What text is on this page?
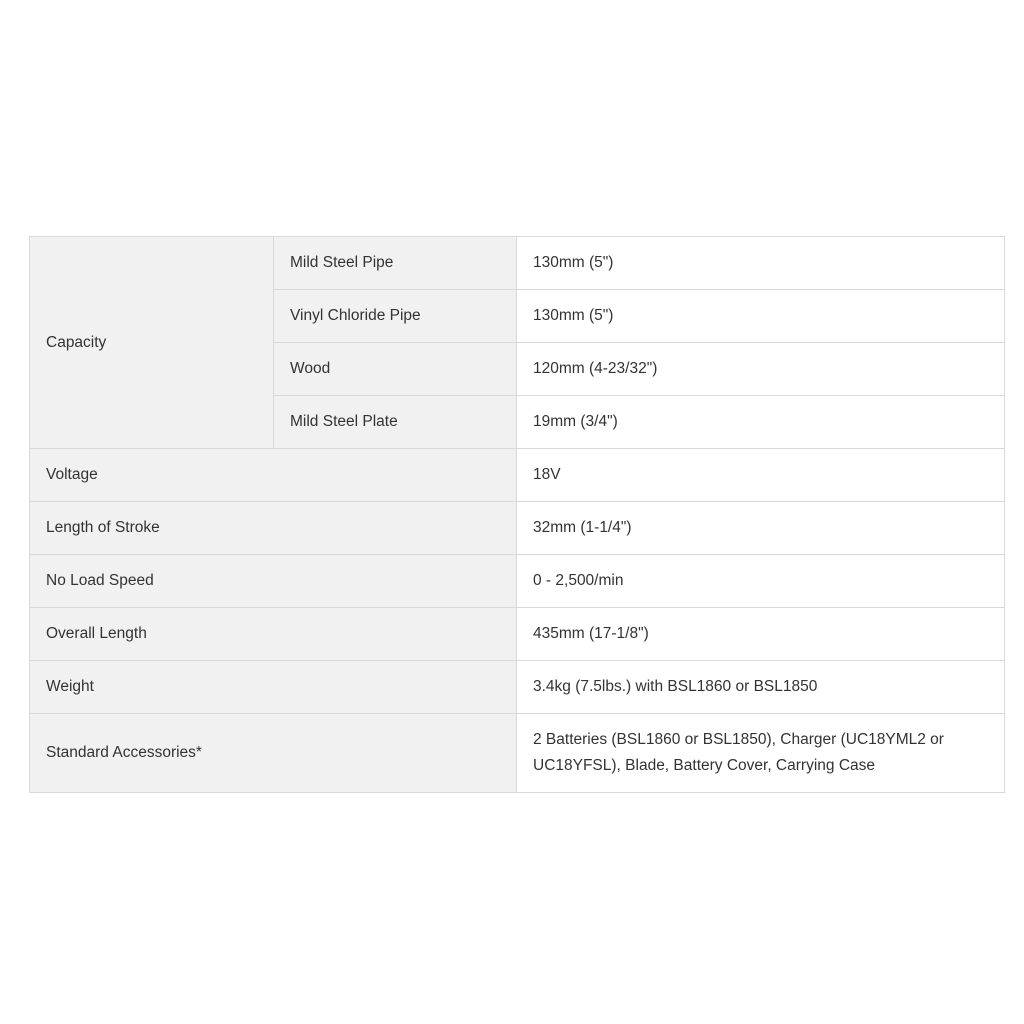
Capacity	Mild Steel Pipe	130mm (5")
	Vinyl Chloride Pipe	130mm (5")
	Wood	120mm (4-23/32")
	Mild Steel Plate	19mm (3/4")
Voltage		18V
Length of Stroke		32mm (1-1/4")
No Load Speed		0 - 2,500/min
Overall Length		435mm (17-1/8")
Weight		3.4kg (7.5lbs.) with BSL1860 or BSL1850
Standard Accessories*		2 Batteries (BSL1860 or BSL1850), Charger (UC18YML2 or UC18YFSL), Blade, Battery Cover, Carrying Case
